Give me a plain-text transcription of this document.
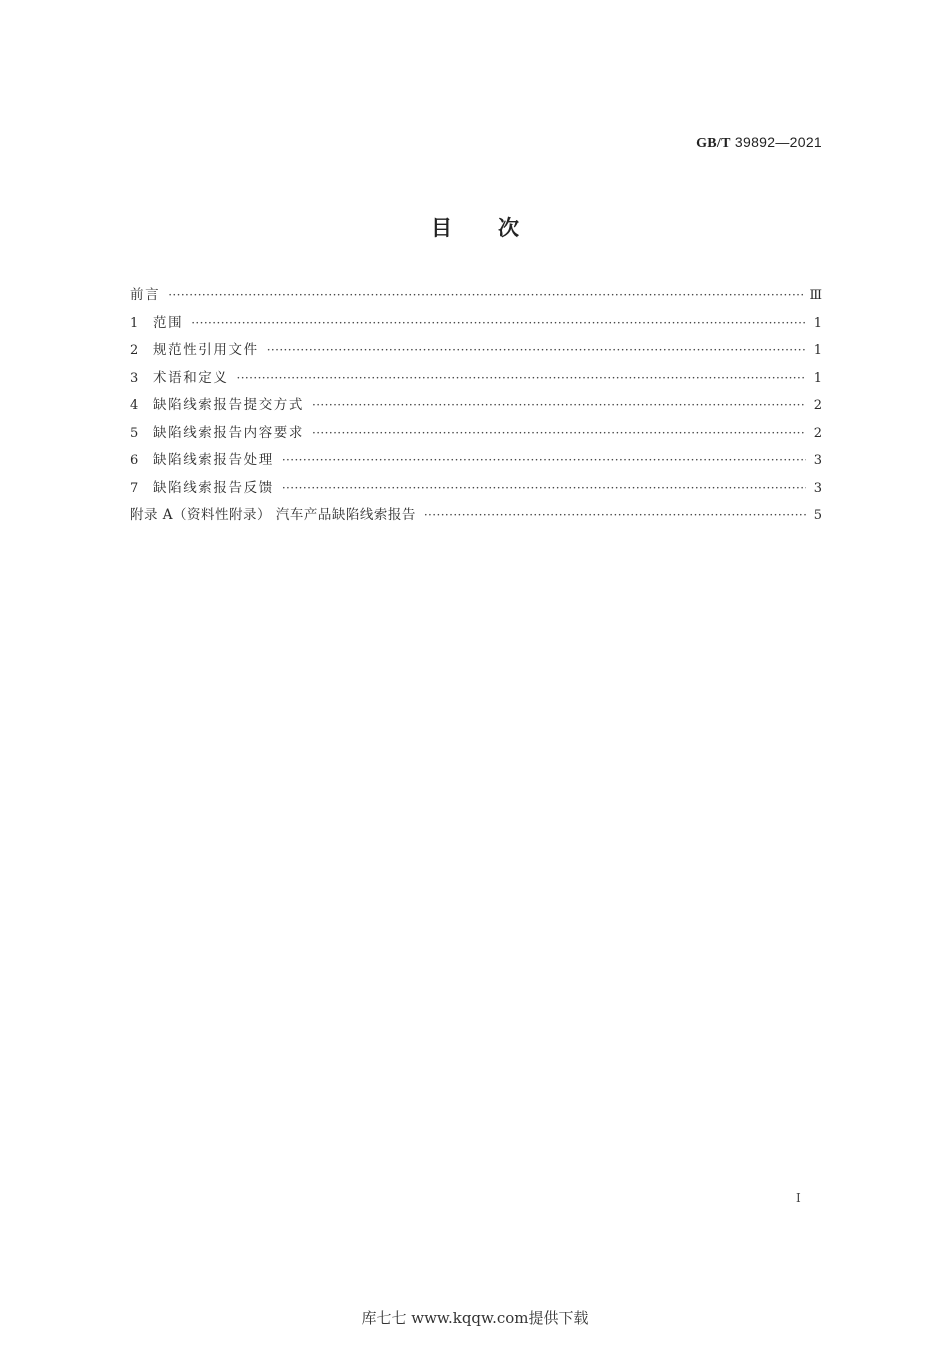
GB/T 39892—2021
目次
前言 ·····	Ⅲ
1	范围 ·····	1
2	规范性引用文件 ·····	1
3	术语和定义 ·····	1
4	缺陷线索报告提交方式 ·····	2
5	缺陷线索报告内容要求 ·····	2
6	缺陷线索报告处理 ·····	3
7	缺陷线索报告反馈 ·····	3
附录 A（资料性附录） 汽车产品缺陷线索报告 ·····	5
I
库七七 www.kqqw.com提供下载
